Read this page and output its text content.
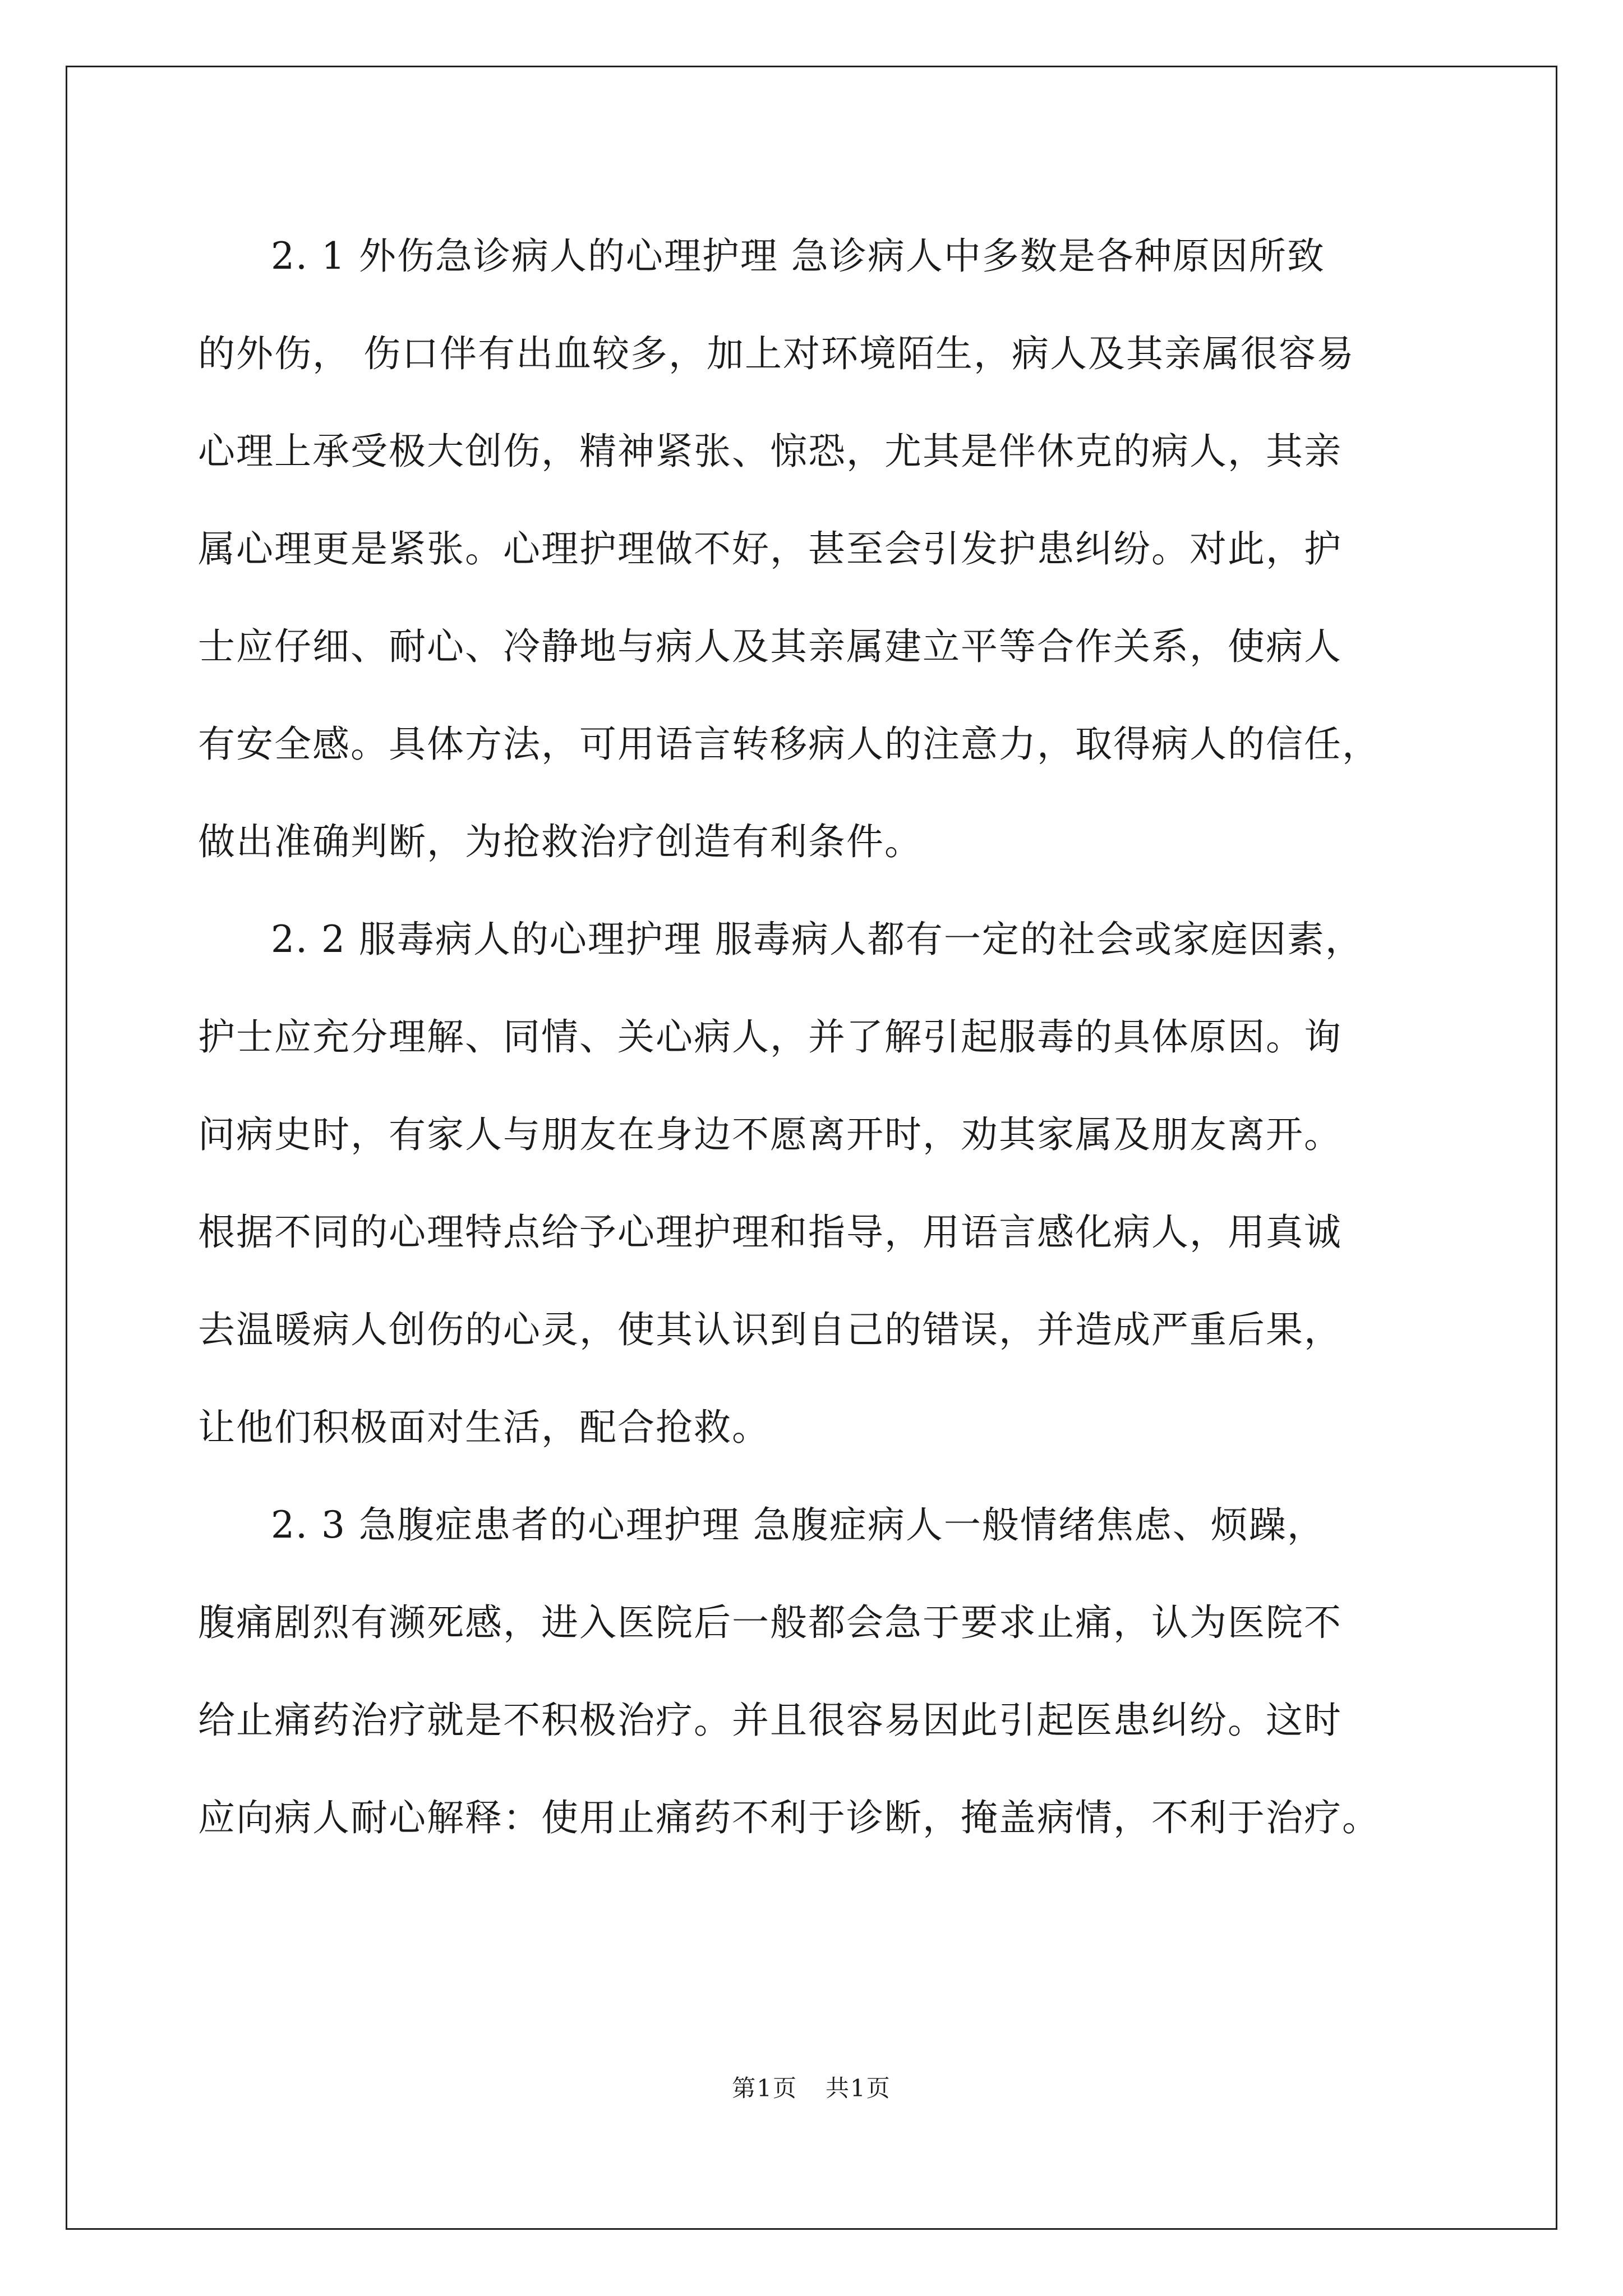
2. 1 外伤急诊病人的心理护理 急诊病人中多数是各种原因所致
的外伤， 伤口伴有出血较多，加上对环境陌生，病人及其亲属很容易
心理上承受极大创伤，精神紧张、惊恐，尤其是伴休克的病人，其亲
属心理更是紧张。心理护理做不好，甚至会引发护患纠纷。对此，护
士应仔细、耐心、冷静地与病人及其亲属建立平等合作关系，使病人
有安全感。具体方法，可用语言转移病人的注意力，取得病人的信任，
做出准确判断，为抢救治疗创造有利条件。

2. 2 服毒病人的心理护理 服毒病人都有一定的社会或家庭因素，
护士应充分理解、同情、关心病人，并了解引起服毒的具体原因。询
问病史时，有家人与朋友在身边不愿离开时，劝其家属及朋友离开。
根据不同的心理特点给予心理护理和指导，用语言感化病人，用真诚
去温暖病人创伤的心灵，使其认识到自己的错误，并造成严重后果，
让他们积极面对生活，配合抢救。

2. 3 急腹症患者的心理护理 急腹症病人一般情绪焦虑、烦躁，
腹痛剧烈有濒死感，进入医院后一般都会急于要求止痛，认为医院不
给止痛药治疗就是不积极治疗。并且很容易因此引起医患纠纷。这时
应向病人耐心解释：使用止痛药不利于诊断，掩盖病情，不利于治疗。

第1页 共1页
